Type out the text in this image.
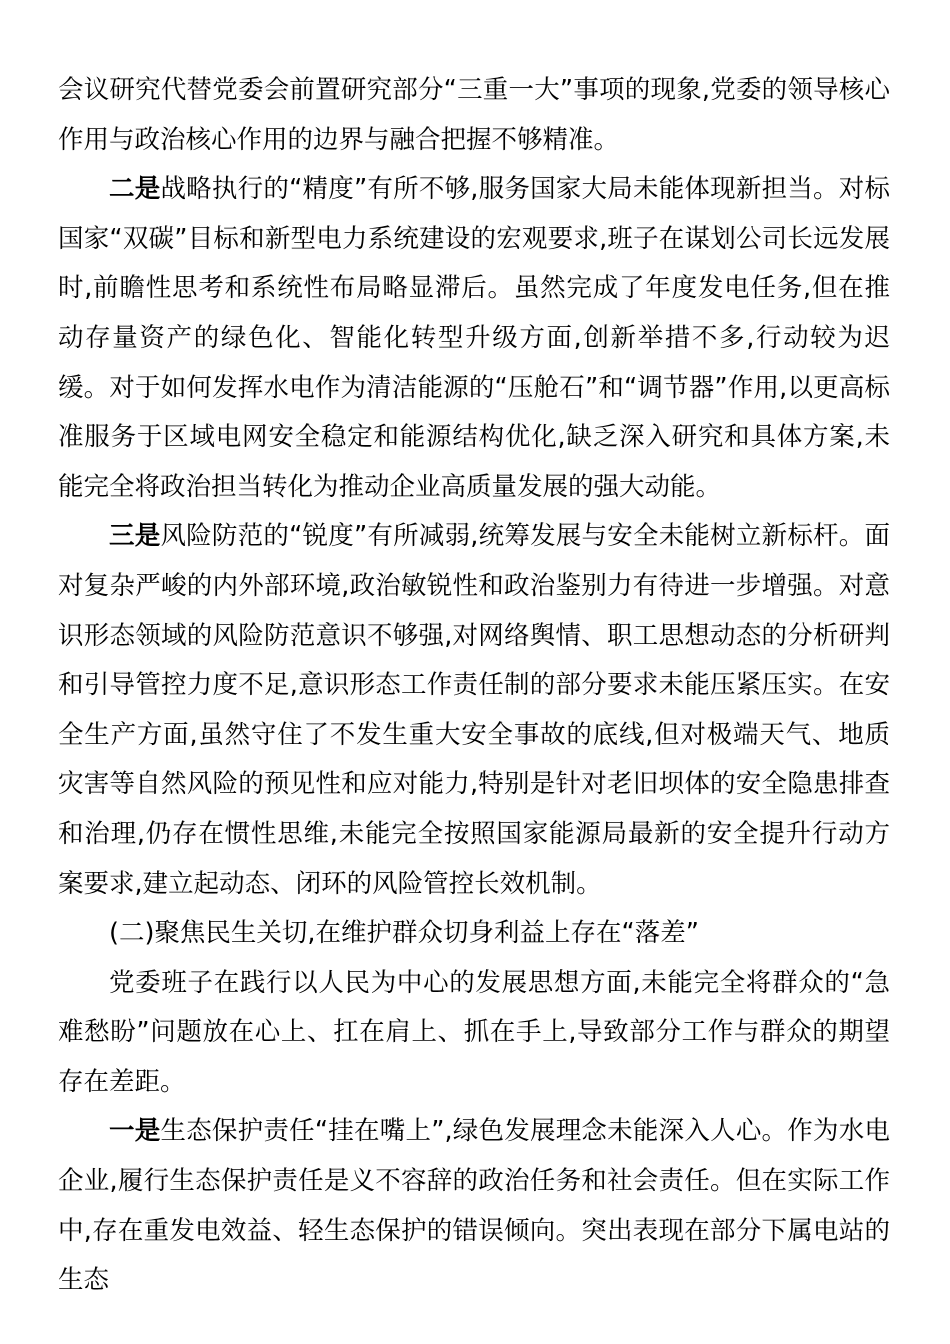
会议研究代替党委会前置研究部分“三重一大”事项的现象,党委的领导核心作用与政治核心作用的边界与融合把握不够精准。

二是战略执行的“精度”有所不够,服务国家大局未能体现新担当。对标国家“双碳”目标和新型电力系统建设的宏观要求,班子在谋划公司长远发展时,前瞻性思考和系统性布局略显滞后。虽然完成了年度发电任务,但在推动存量资产的绿色化、智能化转型升级方面,创新举措不多,行动较为迟缓。对于如何发挥水电作为清洁能源的“压舱石”和“调节器”作用,以更高标准服务于区域电网安全稳定和能源结构优化,缺乏深入研究和具体方案,未能完全将政治担当转化为推动企业高质量发展的强大动能。

三是风险防范的“锐度”有所减弱,统筹发展与安全未能树立新标杆。面对复杂严峻的内外部环境,政治敏锐性和政治鉴别力有待进一步增强。对意识形态领域的风险防范意识不够强,对网络舆情、职工思想动态的分析研判和引导管控力度不足,意识形态工作责任制的部分要求未能压紧压实。在安全生产方面,虽然守住了不发生重大安全事故的底线,但对极端天气、地质灾害等自然风险的预见性和应对能力,特别是针对老旧坝体的安全隐患排查和治理,仍存在惯性思维,未能完全按照国家能源局最新的安全提升行动方案要求,建立起动态、闭环的风险管控长效机制。

(二)聚焦民生关切,在维护群众切身利益上存在“落差”

党委班子在践行以人民为中心的发展思想方面,未能完全将群众的“急难愁盼”问题放在心上、扛在肩上、抓在手上,导致部分工作与群众的期望存在差距。

一是生态保护责任“挂在嘴上”,绿色发展理念未能深入人心。作为水电企业,履行生态保护责任是义不容辞的政治任务和社会责任。但在实际工作中,存在重发电效益、轻生态保护的错误倾向。突出表现在部分下属电站的生态
